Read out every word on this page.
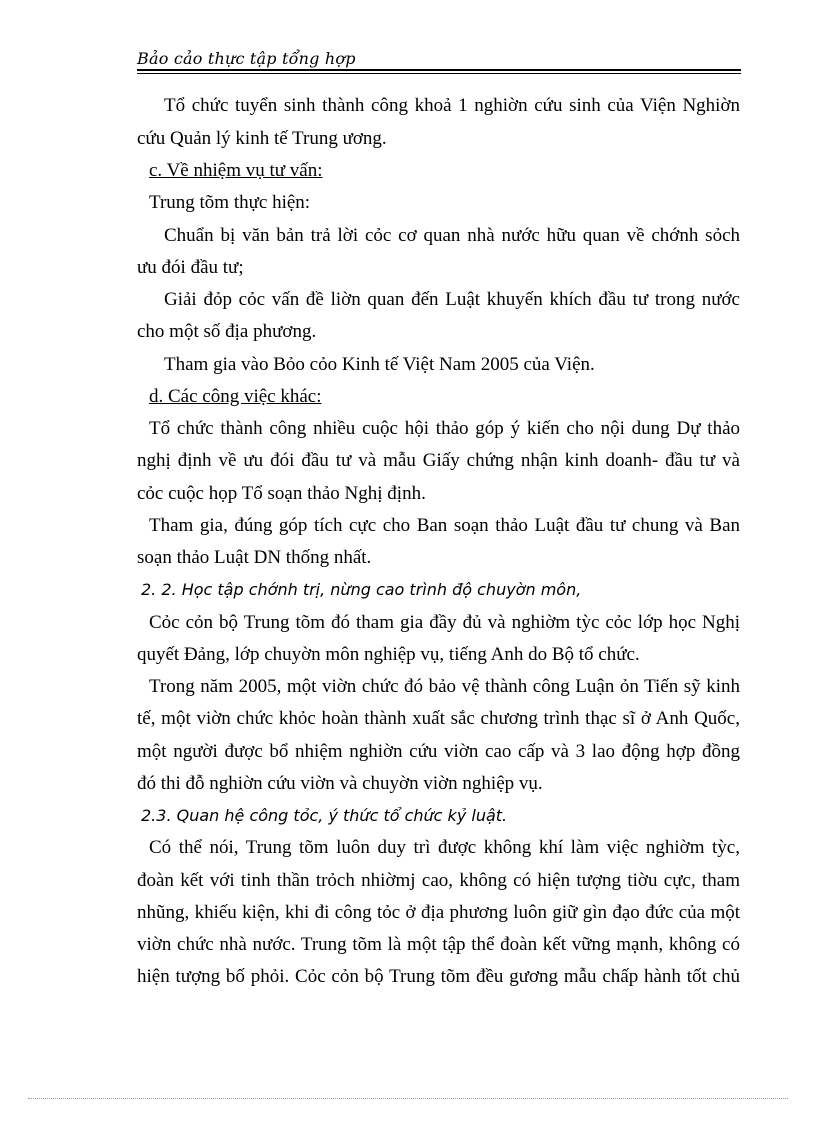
Bảo cảo thực tập tổng hợp
Tổ chức tuyển sinh thành công khoả 1 nghiờn cứu sinh của Viện Nghiờn
cứu Quản lý kinh tế Trung ương.
c. Về nhiệm vụ tư vấn:
Trung tõm thực hiện:
Chuẩn bị văn bản trả lời cỏc cơ quan nhà nước hữu quan về chớnh sỏch
ưu đói đầu tư;
Giải đỏp cỏc vấn đề liờn quan đến Luật khuyến khích đầu tư trong nước
cho một số địa phương.
Tham gia vào Bỏo cỏo Kinh tế Việt Nam 2005 của Viện.
d. Các công việc khác:
Tổ chức thành công nhiều cuộc hội thảo góp ý kiến cho nội dung Dự thảo
nghị định về ưu đói đầu tư và mẫu Giấy chứng nhận kinh doanh- đầu tư và
cỏc cuộc họp Tổ soạn thảo Nghị định.
Tham gia, đúng góp tích cực cho Ban soạn thảo Luật đầu tư chung và Ban
soạn thảo Luật DN thống nhất.
2. 2. Học tập chớnh trị, nừng cao trình độ chuyờn môn,
Cỏc cỏn bộ Trung tõm đó tham gia đầy đủ và nghiờm tỳc cỏc lớp học Nghị
quyết Đảng, lớp chuyờn môn nghiệp vụ, tiếng Anh do Bộ tổ chức.
Trong năm 2005, một viờn chức đó bảo vệ thành công Luận ỏn Tiến sỹ kinh
tế, một viờn chức khỏc hoàn thành xuất sắc chương trình thạc sĩ ở Anh Quốc,
một người được bổ nhiệm nghiờn cứu viờn cao cấp và 3 lao động hợp đồng
đó thi đỗ nghiờn cứu viờn và chuyờn viờn nghiệp vụ.
2.3. Quan hệ công tỏc, ý thức tổ chức kỷ luật.
Có thể nói, Trung tõm luôn duy trì được không khí làm việc nghiờm tỳc,
đoàn kết với tinh thần trỏch nhiờmj cao, không có hiện tượng tiờu cực, tham
nhũng, khiếu kiện, khi đi công tỏc ở địa phương luôn giữ gìn đạo đức của một
viờn chức nhà nước. Trung tõm là một tập thể đoàn kết vững mạnh, không có
hiện tượng bố phỏi. Cỏc cỏn bộ Trung tõm đều gương mẫu chấp hành tốt chủ
